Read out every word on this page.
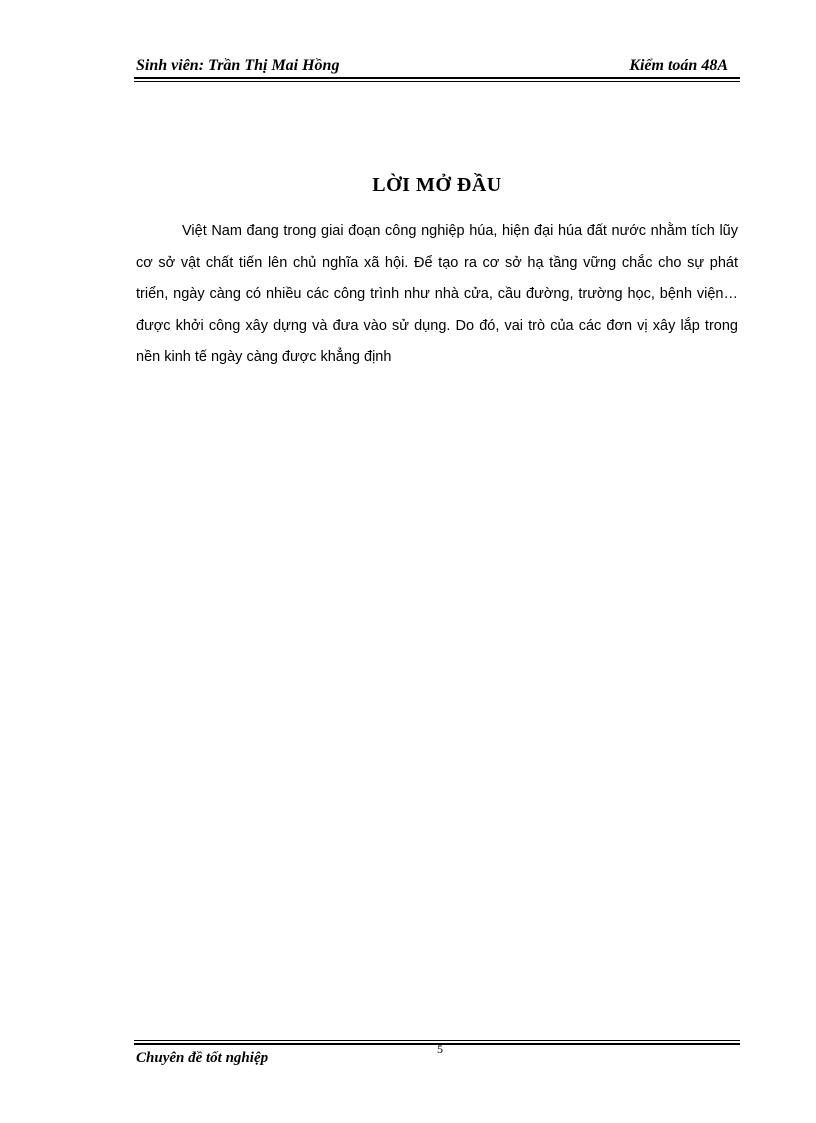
Sinh viên: Trần Thị Mai Hồng	Kiểm toán 48A
LỜI MỞ ĐẦU

Việt Nam đang trong giai đoạn công nghiệp húa, hiện đại húa đất nước nhằm tích lũy cơ sở vật chất tiến lên chủ nghĩa xã hội. Để tạo ra cơ sở hạ tầng vững chắc cho sự phát triển, ngày càng có nhiều các công trình như nhà cửa, cầu đường, trường học, bệnh viện… được khởi công xây dựng và đưa vào sử dụng. Do đó, vai trò của các đơn vị xây lắp trong nền kinh tế ngày càng được khẳng định

5
Chuyên đề tốt nghiệp
